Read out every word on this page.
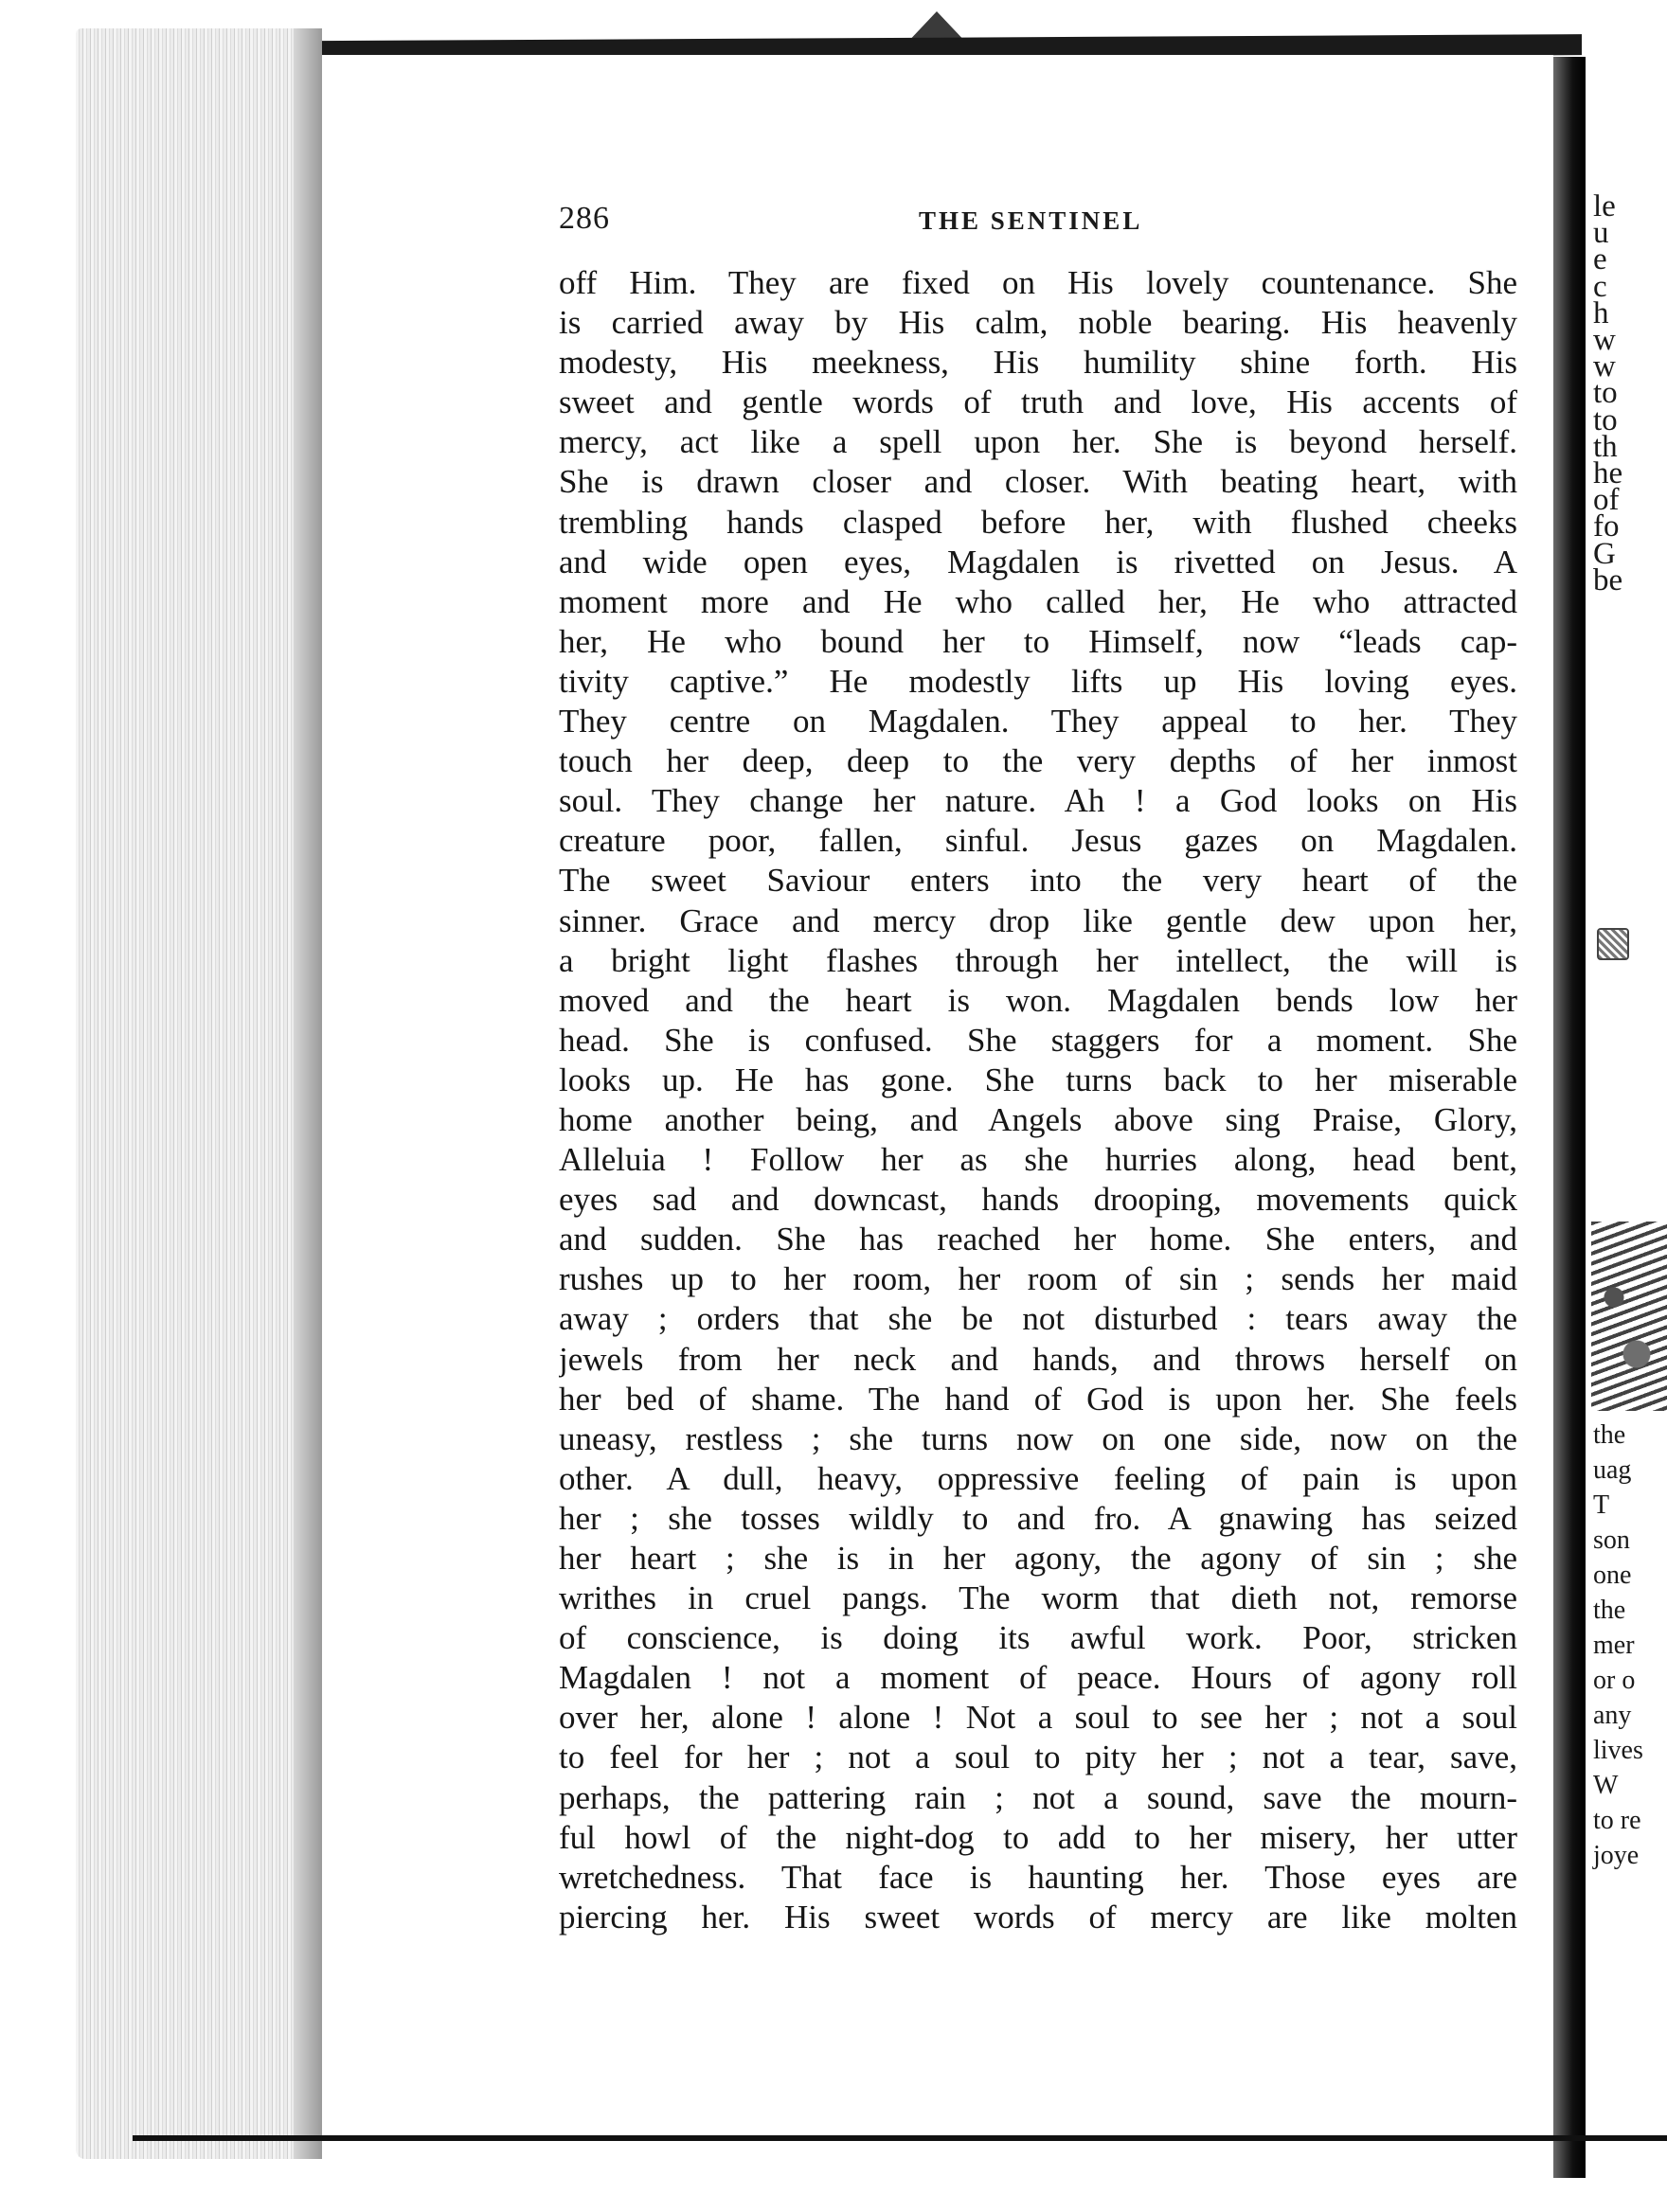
286	THE SENTINEL
off Him. They are fixed on His lovely countenance. She
is carried away by His calm, noble bearing. His heavenly
modesty, His meekness, His humility shine forth. His
sweet and gentle words of truth and love, His accents of
mercy, act like a spell upon her. She is beyond herself.
She is drawn closer and closer. With beating heart, with
trembling hands clasped before her, with flushed cheeks
and wide open eyes, Magdalen is rivetted on Jesus. A
moment more and He who called her, He who attracted
her, He who bound her to Himself, now “leads cap-
tivity captive.” He modestly lifts up His loving eyes.
They centre on Magdalen. They appeal to her. They
touch her deep, deep to the very depths of her inmost
soul. They change her nature. Ah ! a God looks on His
creature poor, fallen, sinful. Jesus gazes on Magdalen.
The sweet Saviour enters into the very heart of the
sinner. Grace and mercy drop like gentle dew upon her,
a bright light flashes through her intellect, the will is
moved and the heart is won. Magdalen bends low her
head. She is confused. She staggers for a moment. She
looks up. He has gone. She turns back to her miserable
home another being, and Angels above sing Praise, Glory,
Alleluia ! Follow her as she hurries along, head bent,
eyes sad and downcast, hands drooping, movements quick
and sudden. She has reached her home. She enters, and
rushes up to her room, her room of sin ; sends her maid
away ; orders that she be not disturbed : tears away the
jewels from her neck and hands, and throws herself on
her bed of shame. The hand of God is upon her. She feels
uneasy, restless ; she turns now on one side, now on the
other. A dull, heavy, oppressive feeling of pain is upon
her ; she tosses wildly to and fro. A gnawing has seized
her heart ; she is in her agony, the agony of sin ; she
writhes in cruel pangs. The worm that dieth not, remorse
of conscience, is doing its awful work. Poor, stricken
Magdalen ! not a moment of peace. Hours of agony roll
over her, alone ! alone ! Not a soul to see her ; not a soul
to feel for her ; not a soul to pity her ; not a tear, save,
perhaps, the pattering rain ; not a sound, save the mourn-
ful howl of the night-dog to add to her misery, her utter
wretchedness. That face is haunting her. Those eyes are
piercing her. His sweet words of mercy are like molten
le
u
e
c
h
w
w
to
to
th
he
of
fo
G
be
the
uag
T
son
one
the
mer
or o
any
lives
W
to re
joye
